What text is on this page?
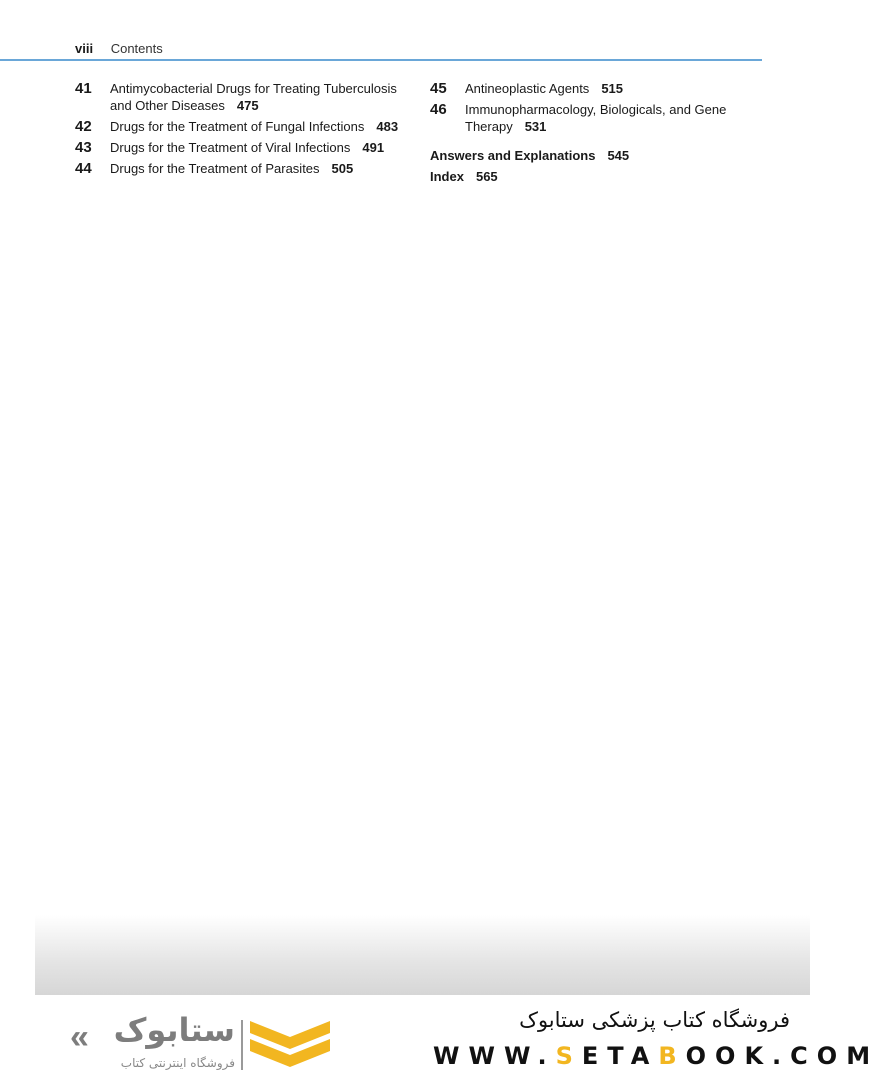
viii Contents
41	Antimycobacterial Drugs for Treating Tuberculosis and Other Diseases 475
42	Drugs for the Treatment of Fungal Infections 483
43	Drugs for the Treatment of Viral Infections 491
44	Drugs for the Treatment of Parasites 505
45	Antineoplastic Agents 515
46	Immunopharmacology, Biologicals, and Gene Therapy 531
Answers and Explanations 545
Index 565
« ستابوک
فروشگاه اینترنتی کتاب
فروشگاه کتاب پزشکی ستابوک
WWW.SETABOOK.COM
